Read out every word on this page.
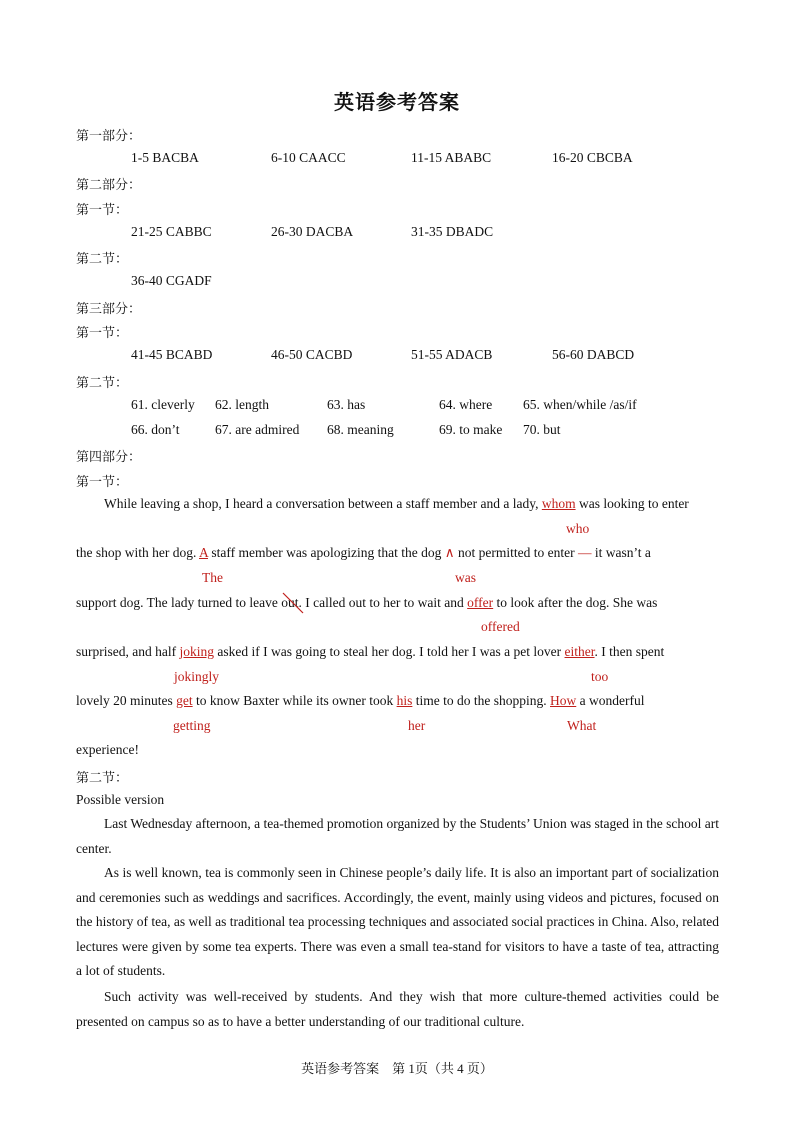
英语参考答案
第一部分：
1-5 BACBA	6-10 CAACC	11-15 ABABC	16-20 CBCBA
第二部分：
第一节：
21-25 CABBC	26-30 DACBA	31-35 DBADC
第二节：
36-40 CGADF
第三部分：
第一节：
41-45 BCABD	46-50 CACBD	51-55 ADACB	56-60 DABCD
第二节：
61. cleverly 62. length	63. has	64. where 65. when/while /as/if
66. don’t	67. are admired 68. meaning	69. to make 70. but
第四部分：
第一节：
While leaving a shop, I heard a conversation between a staff member and a lady, whom was looking to enter
who
the shop with her dog. A staff member was apologizing that the dog ∧ not permitted to enter — it wasn’t a
The	was
support dog. The lady turned to leave out
. I called out to her to wait and offer to look after the dog. She was
offered
surprised, and half joking asked if I was going to steal her dog. I told her I was a pet lover either. I then spent
jokingly	too
lovely 20 minutes get to know Baxter while its owner took his time to do the shopping. How a wonderful
getting	her	What
experience!
第二节：
Possible version
Last Wednesday afternoon, a tea-themed promotion organized by the Students’ Union was staged in the school art center.
As is well known, tea is commonly seen in Chinese people’s daily life. It is also an important part of socialization and ceremonies such as weddings and sacrifices. Accordingly, the event, mainly using videos and pictures, focused on the history of tea, as well as traditional tea processing techniques and associated social practices in China. Also, related lectures were given by some tea experts. There was even a small tea-stand for visitors to have a taste of tea, attracting a lot of students.
Such activity was well-received by students. And they wish that more culture-themed activities could be presented on campus so as to have a better understanding of our traditional culture.
英语参考答案　第 1页（共 4 页）
